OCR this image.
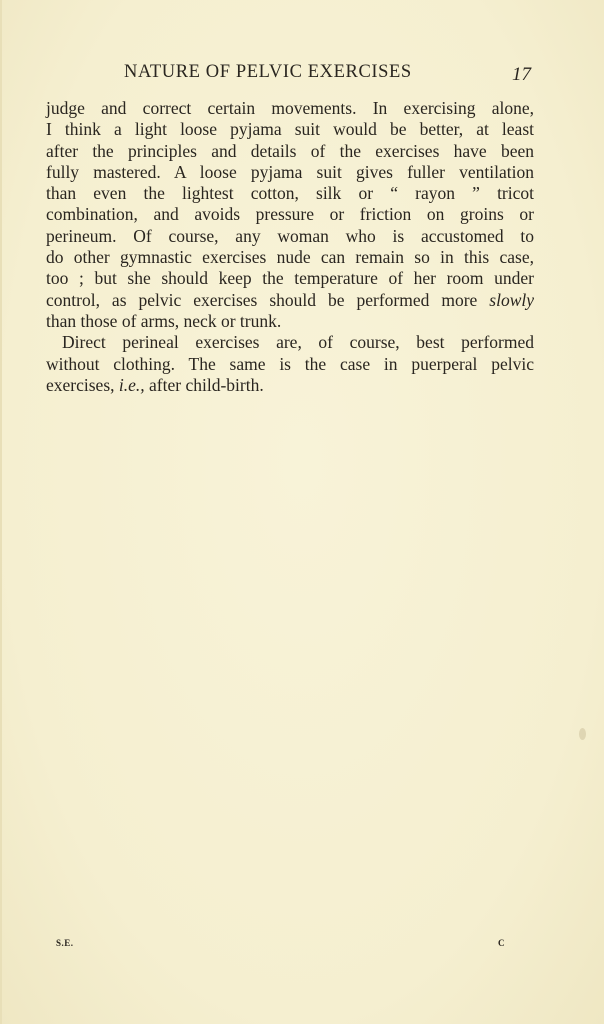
NATURE OF PELVIC EXERCISES	17
judge and correct certain movements. In exercising alone,
I think a light loose pyjama suit would be better, at least
after the principles and details of the exercises have been
fully mastered. A loose pyjama suit gives fuller ventilation
than even the lightest cotton, silk or “ rayon ” tricot
combination, and avoids pressure or friction on groins or
perineum. Of course, any woman who is accustomed to
do other gymnastic exercises nude can remain so in this case,
too ; but she should keep the temperature of her room under
control, as pelvic exercises should be performed more slowly
than those of arms, neck or trunk.
Direct perineal exercises are, of course, best performed
without clothing. The same is the case in puerperal pelvic
exercises, i.e., after child-birth.
S.E.	C
